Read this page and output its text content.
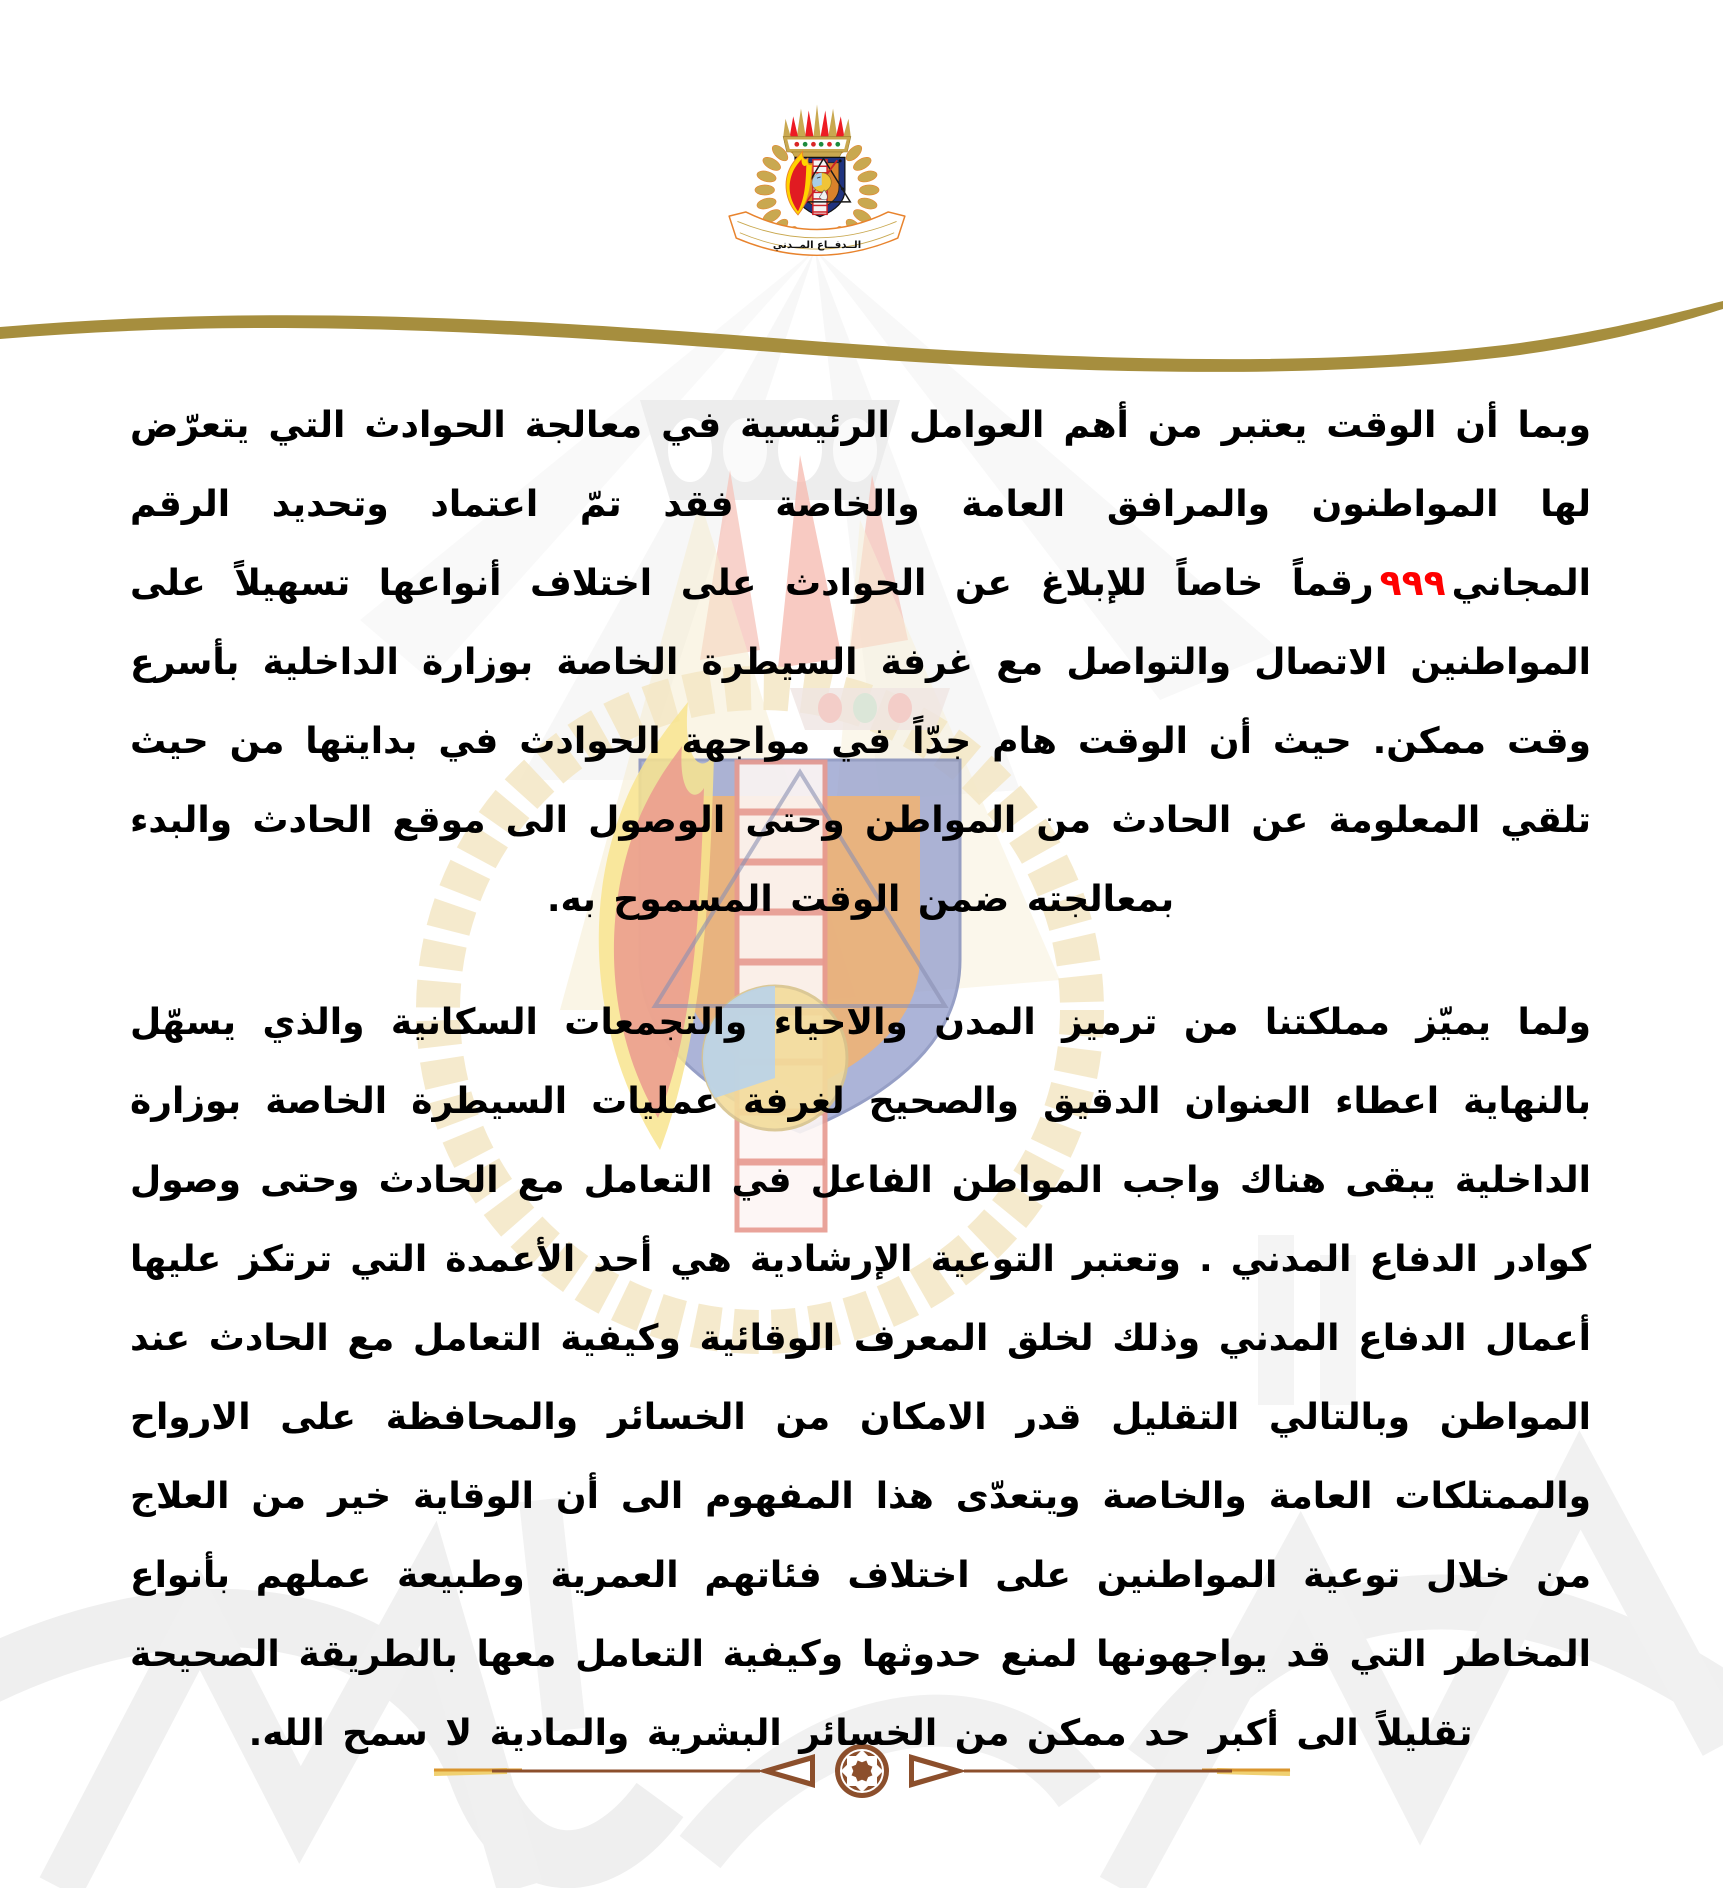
الــدفــاع المــدني

وبما أن الوقت يعتبر من أهم العوامل الرئيسية في معالجة الحوادث التي يتعرّض لها المواطنون والمرافق العامة والخاصة فقد تمّ اعتماد وتحديد الرقم المجاني٩٩٩رقماً خاصاً للإبلاغ عن الحوادث على اختلاف أنواعها تسهيلاً على المواطنين الاتصال والتواصل مع غرفة السيطرة الخاصة بوزارة الداخلية بأسرع وقت ممكن. حيث أن الوقت هام جدّاً في مواجهة الحوادث في بدايتها من حيث تلقي المعلومة عن الحادث من المواطن وحتى الوصول الى موقع الحادث والبدء بمعالجته ضمن الوقت المسموح به.

ولما يميّز مملكتنا من ترميز المدن والاحياء والتجمعات السكانية والذي يسهّل بالنهاية اعطاء العنوان الدقيق والصحيح لغرفة عمليات السيطرة الخاصة بوزارة الداخلية يبقى هناك واجب المواطن الفاعل في التعامل مع الحادث وحتى وصول كوادر الدفاع المدني . وتعتبر التوعية الإرشادية هي أحد الأعمدة التي ترتكز عليها أعمال الدفاع المدني وذلك لخلق المعرف الوقائية وكيفية التعامل مع الحادث عند المواطن وبالتالي التقليل قدر الامكان من الخسائر والمحافظة على الارواح والممتلكات العامة والخاصة ويتعدّى هذا المفهوم الى أن الوقاية خير من العلاج من خلال توعية المواطنين على اختلاف فئاتهم العمرية وطبيعة عملهم بأنواع المخاطر التي قد يواجهونها لمنع حدوثها وكيفية التعامل معها بالطريقة الصحيحة تقليلاً الى أكبر حد ممكن من الخسائر البشرية والمادية لا سمح الله.
